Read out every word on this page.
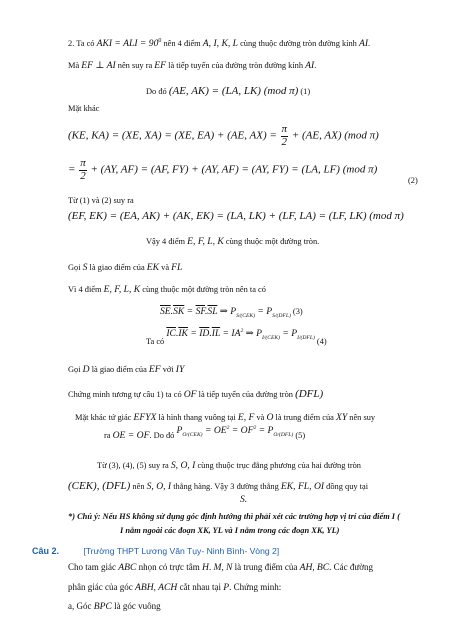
2. Ta có AKI = ALI = $90^0$ nên 4 điểm A, I, K, L cùng thuộc đường tròn đường kính AI.
Mà EF ⊥ AI nên suy ra EF là tiếp tuyến của đường tròn đường kính AI.
Do đó (AE, AK) = (LA, LK) (mod π) (1)
Mặt khác
(KE, KA) = (XE, XA) = (XE, EA) + (AE, $AX) = \frac{\pi}{2} + (AE$, AX) (mod π)
= $\frac{\pi}{2} + (AY$, AF) = (AF, FY) + (AY, AF) = (AY, FY) = (LA, LF) (mod π)
(2)
Từ (1) và (2) suy ra
(EF, EK) = (EA, AK) + (AK, EK) = (LA, LK) + (LF, LA) = (LF, LK) (mod π)
Vậy 4 điểm E, F, L, K cùng thuộc một đường tròn.
Gọi S là giao điểm của EK và FL
Vì 4 điểm E, F, L, K cùng thuộc một đường tròn nên ta có
$\overline{SE}.\overline{SK} = \overline{SF}.\overline{SL}$ ⇒ $P_{S/(CEK)} = P_{S/(DFL)}$ (3)
Ta có $\overline{IC}.\overline{IK} = \overline{ID}.\overline{IL} = IA^2$ ⇒ $P_{I/(CEK)} = P_{I/(DFL)}$ (4)
Gọi D là giao điểm của EF với IY
Chứng minh tương tự câu 1) ta có OF là tiếp tuyến của đường tròn (DFL)
Mặt khác tứ giác EFYX là hình thang vuông tại E, F và O là trung điểm của XY nên suy
ra OE = OF. Do đó $P_{O/(CEK)} = OE^2 = OF^2 = P_{O/(DFL)}$ (5)
Từ (3), (4), (5) suy ra S, O, I cùng thuộc trục đẳng phương của hai đường tròn
(CEK), (DFL) nên S, O, I thẳng hàng. Vậy 3 đường thẳng EK, FL, OI đồng quy tại
S.
*) Chú ý: Nếu HS không sử dụng góc định hướng thì phải xét các trường hợp vị trí của điểm I (
I nằm ngoài các đoạn XK, YL và I nằm trong các đoạn XK, YL)
Câu 2.	[Trường THPT Lương Văn Tụy- Ninh Bình- Vòng 2]
Cho tam giác ABC nhọn có trực tâm H. M, N là trung điểm của AH, BC. Các đường
phân giác của góc ABH, ACH cắt nhau tại P. Chứng minh:
a, Góc BPC là góc vuông
